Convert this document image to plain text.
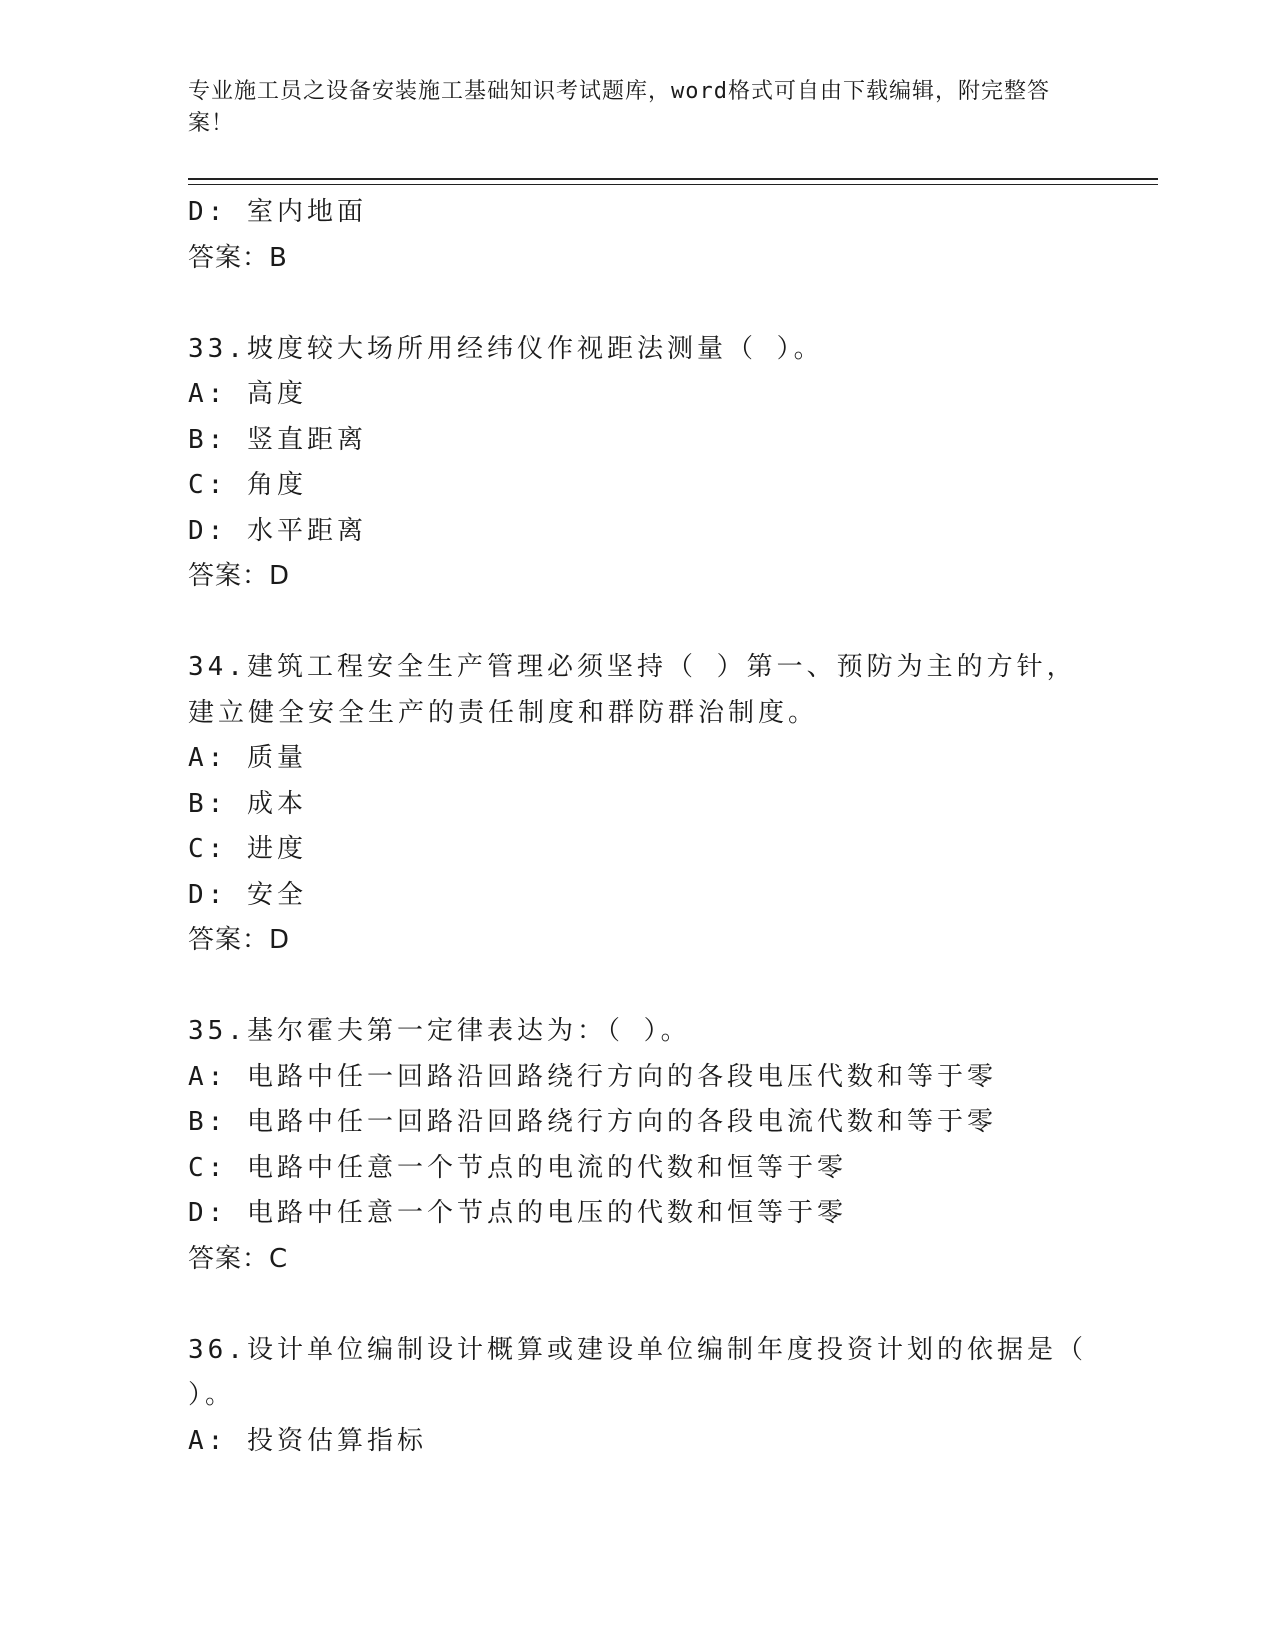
专业施工员之设备安装施工基础知识考试题库，word格式可自由下载编辑，附完整答案！
D: 室内地面
答案：B
33.坡度较大场所用经纬仪作视距法测量（ ）。
A: 高度
B: 竖直距离
C: 角度
D: 水平距离
答案：D
34.建筑工程安全生产管理必须坚持（ ）第一、预防为主的方针，建立健全安全生产的责任制度和群防群治制度。
A: 质量
B: 成本
C: 进度
D: 安全
答案：D
35.基尔霍夫第一定律表达为：（ ）。
A: 电路中任一回路沿回路绕行方向的各段电压代数和等于零
B: 电路中任一回路沿回路绕行方向的各段电流代数和等于零
C: 电路中任意一个节点的电流的代数和恒等于零
D: 电路中任意一个节点的电压的代数和恒等于零
答案：C
36.设计单位编制设计概算或建设单位编制年度投资计划的依据是（ ）。
A: 投资估算指标
